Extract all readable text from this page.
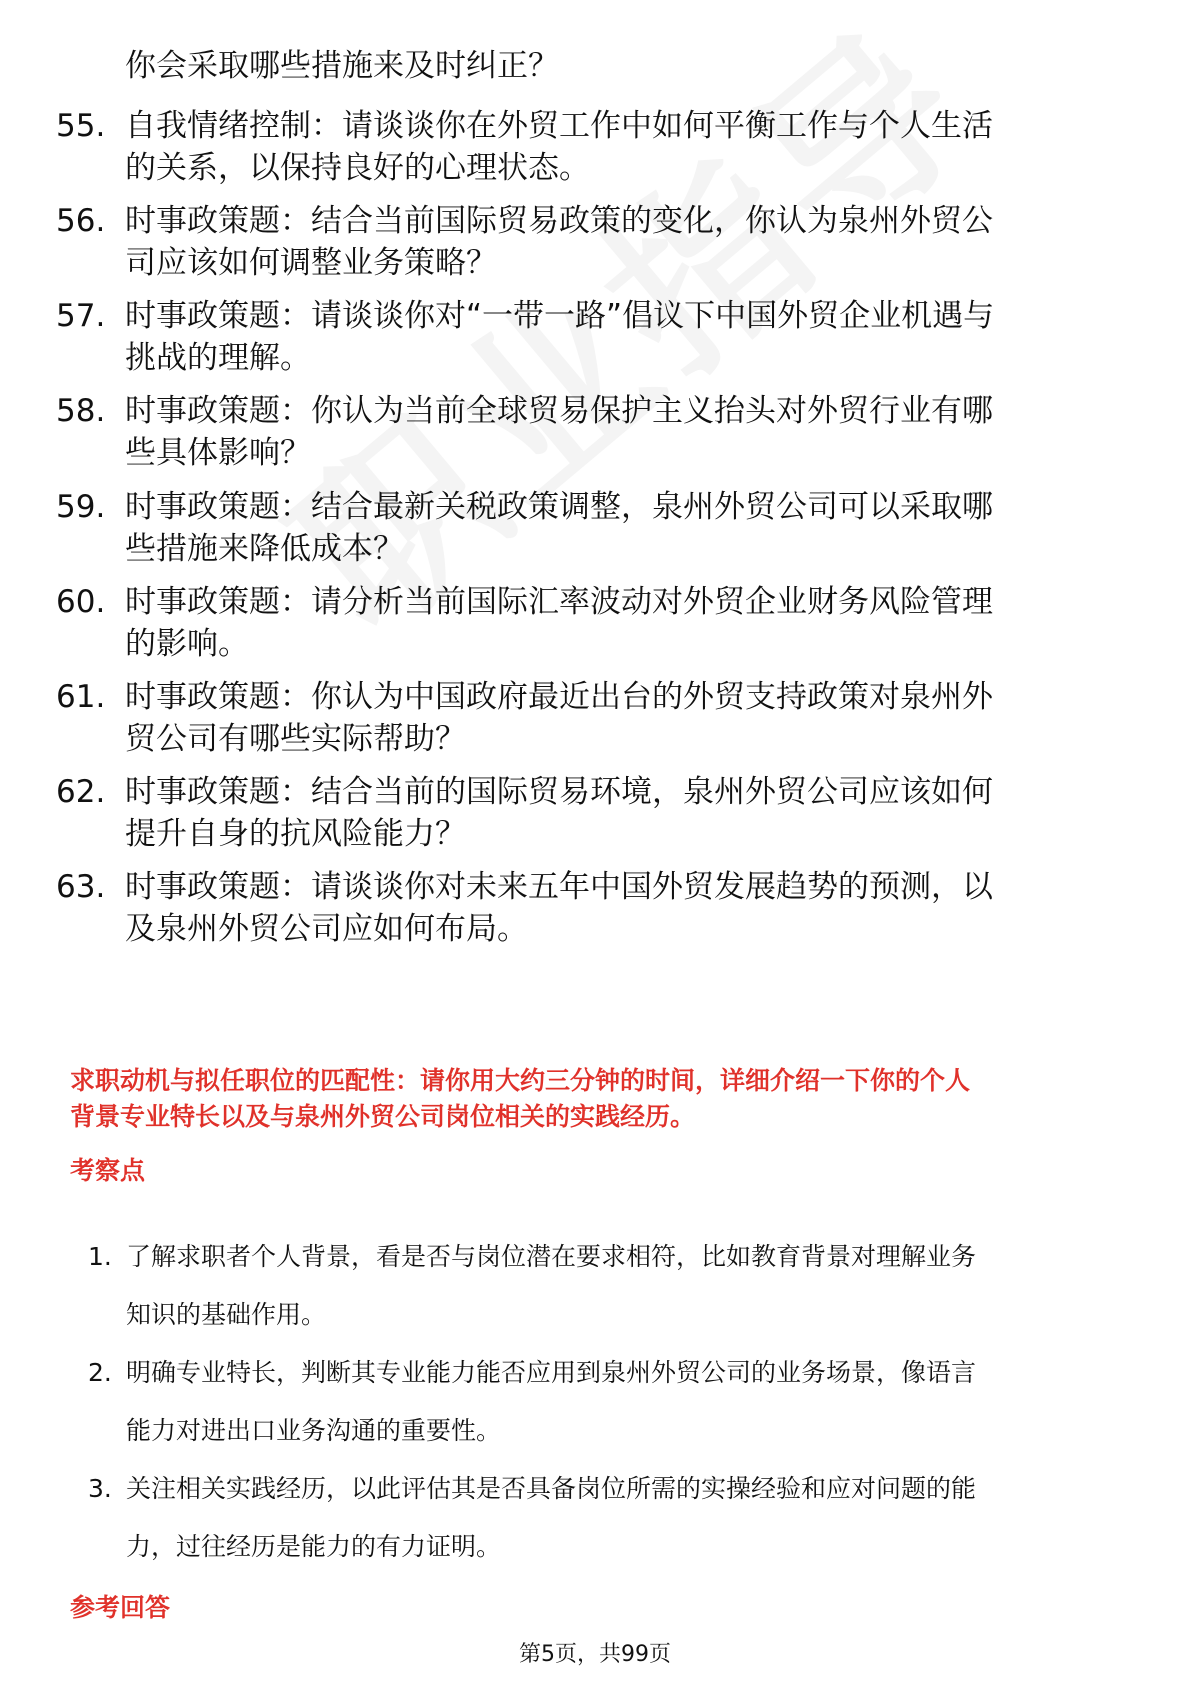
你会采取哪些措施来及时纠正？
55. 自我情绪控制：请谈谈你在外贸工作中如何平衡工作与个人生活
的关系，以保持良好的心理状态。
56. 时事政策题：结合当前国际贸易政策的变化，你认为泉州外贸公
司应该如何调整业务策略？
57. 时事政策题：请谈谈你对“一带一路”倡议下中国外贸企业机遇与
挑战的理解。
58. 时事政策题：你认为当前全球贸易保护主义抬头对外贸行业有哪
些具体影响？
59. 时事政策题：结合最新关税政策调整，泉州外贸公司可以采取哪
些措施来降低成本？
60. 时事政策题：请分析当前国际汇率波动对外贸企业财务风险管理
的影响。
61. 时事政策题：你认为中国政府最近出台的外贸支持政策对泉州外
贸公司有哪些实际帮助？
62. 时事政策题：结合当前的国际贸易环境，泉州外贸公司应该如何
提升自身的抗风险能力？
63. 时事政策题：请谈谈你对未来五年中国外贸发展趋势的预测，以
及泉州外贸公司应如何布局。
求职动机与拟任职位的匹配性：请你用大约三分钟的时间，详细介绍一下你的个人
背景专业特长以及与泉州外贸公司岗位相关的实践经历。
考察点
1. 了解求职者个人背景，看是否与岗位潜在要求相符，比如教育背景对理解业务
知识的基础作用。
2. 明确专业特长，判断其专业能力能否应用到泉州外贸公司的业务场景，像语言
能力对进出口业务沟通的重要性。
3. 关注相关实践经历，以此评估其是否具备岗位所需的实操经验和应对问题的能
力，过往经历是能力的有力证明。
参考回答
第5页，共99页
